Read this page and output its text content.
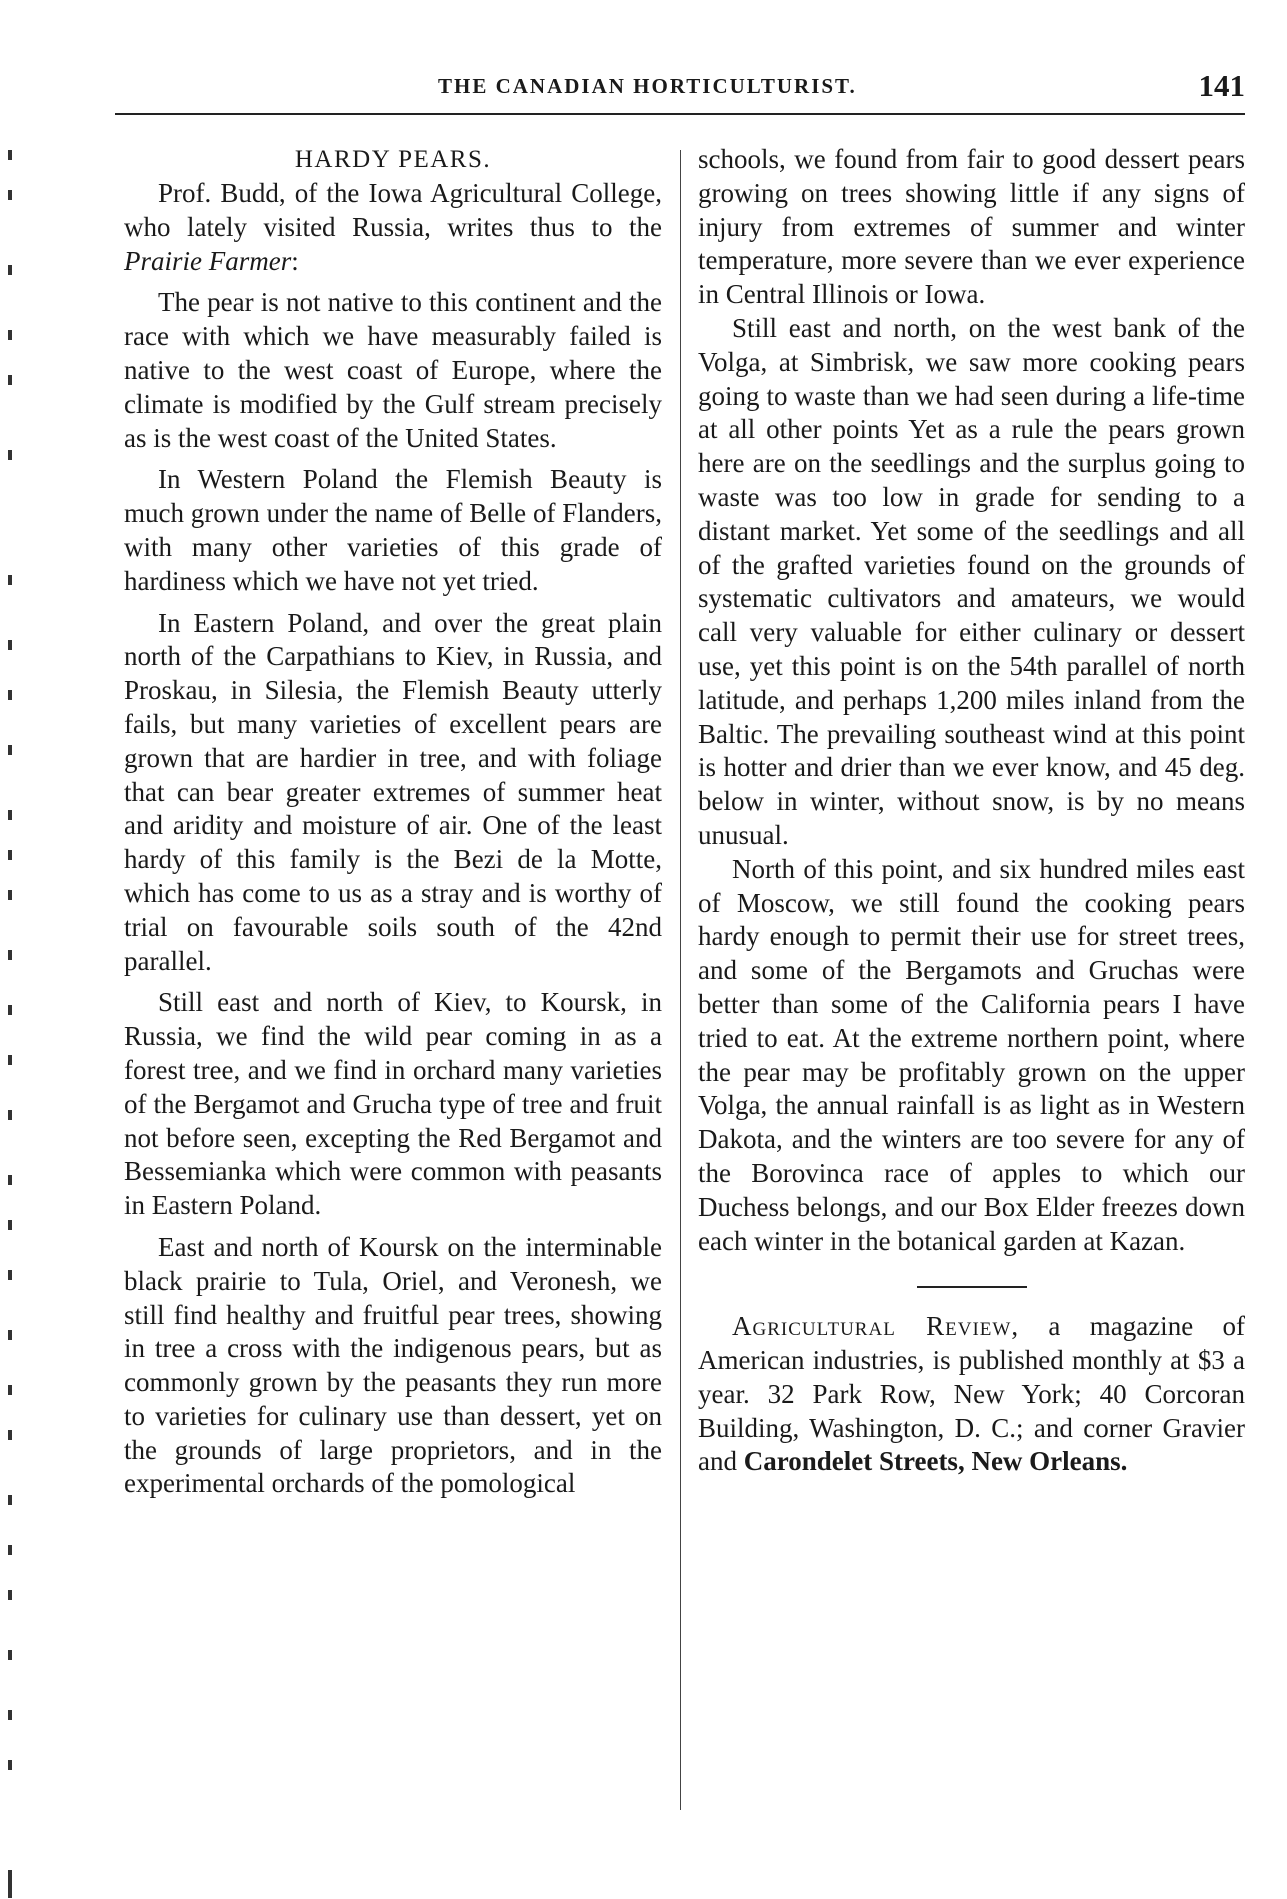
THE CANADIAN HORTICULTURIST.	141
HARDY PEARS.

Prof. Budd, of the Iowa Agricultural College, who lately visited Russia, writes thus to the Prairie Farmer:

The pear is not native to this continent and the race with which we have measurably failed is native to the west coast of Europe, where the climate is modified by the Gulf stream precisely as is the west coast of the United States.

In Western Poland the Flemish Beauty is much grown under the name of Belle of Flanders, with many other varieties of this grade of hardiness which we have not yet tried.

In Eastern Poland, and over the great plain north of the Carpathians to Kiev, in Russia, and Proskau, in Silesia, the Flemish Beauty utterly fails, but many varieties of excellent pears are grown that are hardier in tree, and with foliage that can bear greater extremes of summer heat and aridity and moisture of air. One of the least hardy of this family is the Bezi de la Motte, which has come to us as a stray and is worthy of trial on favourable soils south of the 42nd parallel.

Still east and north of Kiev, to Koursk, in Russia, we find the wild pear coming in as a forest tree, and we find in orchard many varieties of the Bergamot and Grucha type of tree and fruit not before seen, excepting the Red Bergamot and Bessemianka which were common with peasants in Eastern Poland.

East and north of Koursk on the interminable black prairie to Tula, Oriel, and Veronesh, we still find healthy and fruitful pear trees, showing in tree a cross with the indigenous pears, but as commonly grown by the peasants they run more to varieties for culinary use than dessert, yet on the grounds of large proprietors, and in the experimental orchards of the pomological

schools, we found from fair to good dessert pears growing on trees showing little if any signs of injury from extremes of summer and winter temperature, more severe than we ever experience in Central Illinois or Iowa.

Still east and north, on the west bank of the Volga, at Simbrisk, we saw more cooking pears going to waste than we had seen during a life-time at all other points Yet as a rule the pears grown here are on the seedlings and the surplus going to waste was too low in grade for sending to a distant market. Yet some of the seedlings and all of the grafted varieties found on the grounds of systematic cultivators and amateurs, we would call very valuable for either culinary or dessert use, yet this point is on the 54th parallel of north latitude, and perhaps 1,200 miles inland from the Baltic. The prevailing southeast wind at this point is hotter and drier than we ever know, and 45 deg. below in winter, without snow, is by no means unusual.

North of this point, and six hundred miles east of Moscow, we still found the cooking pears hardy enough to permit their use for street trees, and some of the Bergamots and Gruchas were better than some of the California pears I have tried to eat. At the extreme northern point, where the pear may be profitably grown on the upper Volga, the annual rainfall is as light as in Western Dakota, and the winters are too severe for any of the Borovinca race of apples to which our Duchess belongs, and our Box Elder freezes down each winter in the botanical garden at Kazan.

Agricultural Review, a magazine of American industries, is published monthly at $3 a year. 32 Park Row, New York; 40 Corcoran Building, Washington, D. C.; and corner Gravier and Carondelet Streets, New Orleans.
